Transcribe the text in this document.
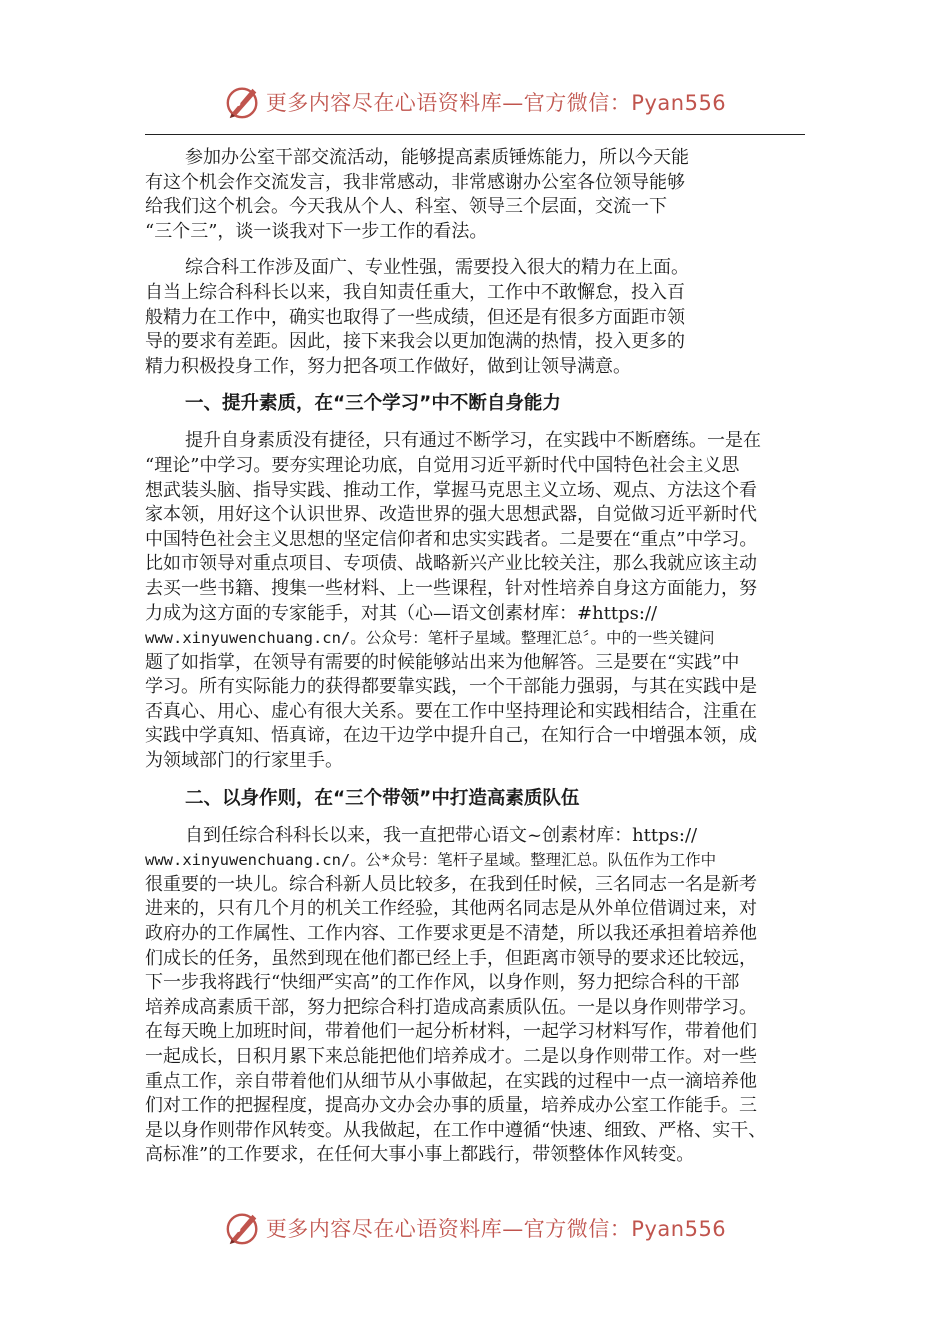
更多内容尽在心语资料库—官方微信：Pyan556

参加办公室干部交流活动，能够提高素质锤炼能力，所以今天能
有这个机会作交流发言，我非常感动，非常感谢办公室各位领导能够
给我们这个机会。今天我从个人、科室、领导三个层面，交流一下
“三个三”，谈一谈我对下一步工作的看法。

综合科工作涉及面广、专业性强，需要投入很大的精力在上面。
自当上综合科科长以来，我自知责任重大，工作中不敢懈怠，投入百
般精力在工作中，确实也取得了一些成绩，但还是有很多方面距市领
导的要求有差距。因此，接下来我会以更加饱满的热情，投入更多的
精力积极投身工作，努力把各项工作做好，做到让领导满意。

一、提升素质，在“三个学习”中不断自身能力

提升自身素质没有捷径，只有通过不断学习，在实践中不断磨练。一是在
“理论”中学习。要夯实理论功底，自觉用习近平新时代中国特色社会主义思
想武装头脑、指导实践、推动工作，掌握马克思主义立场、观点、方法这个看
家本领，用好这个认识世界、改造世界的强大思想武器，自觉做习近平新时代
中国特色社会主义思想的坚定信仰者和忠实实践者。二是要在“重点”中学习。
比如市领导对重点项目、专项债、战略新兴产业比较关注，那么我就应该主动
去买一些书籍、搜集一些材料、上一些课程，针对性培养自身这方面能力，努
力成为这方面的专家能手，对其（心—语文创素材库：#https://
www.xinyuwenchuang.cn/。公众号：笔杆子星域。整理汇总〞。中的一些关键问
题了如指掌，在领导有需要的时候能够站出来为他解答。三是要在“实践”中
学习。所有实际能力的获得都要靠实践，一个干部能力强弱，与其在实践中是
否真心、用心、虚心有很大关系。要在工作中坚持理论和实践相结合，注重在
实践中学真知、悟真谛，在边干边学中提升自己，在知行合一中增强本领，成
为领域部门的行家里手。

二、以身作则，在“三个带领”中打造高素质队伍

自到任综合科科长以来，我一直把带心语文~创素材库：https://
www.xinyuwenchuang.cn/。公*众号：笔杆子星域。整理汇总。队伍作为工作中
很重要的一块儿。综合科新人员比较多，在我到任时候，三名同志一名是新考
进来的，只有几个月的机关工作经验，其他两名同志是从外单位借调过来，对
政府办的工作属性、工作内容、工作要求更是不清楚，所以我还承担着培养他
们成长的任务，虽然到现在他们都已经上手，但距离市领导的要求还比较远，
下一步我将践行“快细严实高”的工作作风，以身作则，努力把综合科的干部
培养成高素质干部，努力把综合科打造成高素质队伍。一是以身作则带学习。
在每天晚上加班时间，带着他们一起分析材料，一起学习材料写作，带着他们
一起成长，日积月累下来总能把他们培养成才。二是以身作则带工作。对一些
重点工作，亲自带着他们从细节从小事做起，在实践的过程中一点一滴培养他
们对工作的把握程度，提高办文办会办事的质量，培养成办公室工作能手。三
是以身作则带作风转变。从我做起，在工作中遵循“快速、细致、严格、实干、
高标准”的工作要求，在任何大事小事上都践行，带领整体作风转变。

更多内容尽在心语资料库—官方微信：Pyan556
